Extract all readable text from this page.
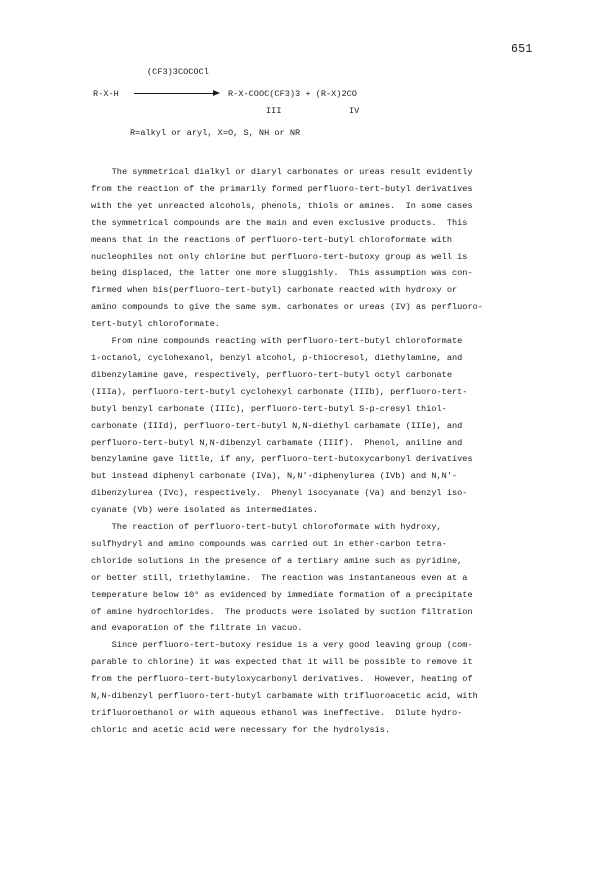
651
R-X-H
(CF3)3COCOCl
R-X-COOC(CF3)3 + (R-X)2CO
III	IV
R=alkyl or aryl, X=O, S, NH or NR

The symmetrical dialkyl or diaryl carbonates or ureas result evidently

from the reaction of the primarily formed perfluoro-tert-butyl derivatives

with the yet unreacted alcohols, phenols, thiols or amines.  In some cases

the symmetrical compounds are the main and even exclusive products.  This

means that in the reactions of perfluoro-tert-butyl chloroformate with

nucleophiles not only chlorine but perfluoro-tert-butoxy group as well is

being displaced, the latter one more sluggishly.  This assumption was con-

firmed when bis(perfluoro-tert-butyl) carbonate reacted with hydroxy or

amino compounds to give the same sym. carbonates or ureas (IV) as perfluoro-

tert-butyl chloroformate.

From nine compounds reacting with perfluoro-tert-butyl chloroformate

1-octanol, cyclohexanol, benzyl alcohol, p-thiocresol, diethylamine, and

dibenzylamine gave, respectively, perfluoro-tert-butyl octyl carbonate

(IIIa), perfluoro-tert-butyl cyclohexyl carbonate (IIIb), perfluoro-tert-

butyl benzyl carbonate (IIIc), perfluoro-tert-butyl S-p-cresyl thiol-

carbonate (IIId), perfluoro-tert-butyl N,N-diethyl carbamate (IIIe), and

perfluoro-tert-butyl N,N-dibenzyl carbamate (IIIf).  Phenol, aniline and

benzylamine gave little, if any, perfluoro-tert-butoxycarbonyl derivatives

but instead diphenyl carbonate (IVa), N,N'-diphenylurea (IVb) and N,N'-

dibenzylurea (IVc), respectively.  Phenyl isocyanate (Va) and benzyl iso-

cyanate (Vb) were isolated as intermediates.

The reaction of perfluoro-tert-butyl chloroformate with hydroxy,

sulfhydryl and amino compounds was carried out in ether-carbon tetra-

chloride solutions in the presence of a tertiary amine such as pyridine,

or better still, triethylamine.  The reaction was instantaneous even at a

temperature below 10° as evidenced by immediate formation of a precipitate

of amine hydrochlorides.  The products were isolated by suction filtration

and evaporation of the filtrate in vacuo.

Since perfluoro-tert-butoxy residue is a very good leaving group (com-

parable to chlorine) it was expected that it will be possible to remove it

from the perfluoro-tert-butyloxycarbonyl derivatives.  However, heating of

N,N-dibenzyl perfluoro-tert-butyl carbamate with trifluoroacetic acid, with

trifluoroethanol or with aqueous ethanol was ineffective.  Dilute hydro-

chloric and acetic acid were necessary for the hydrolysis.
